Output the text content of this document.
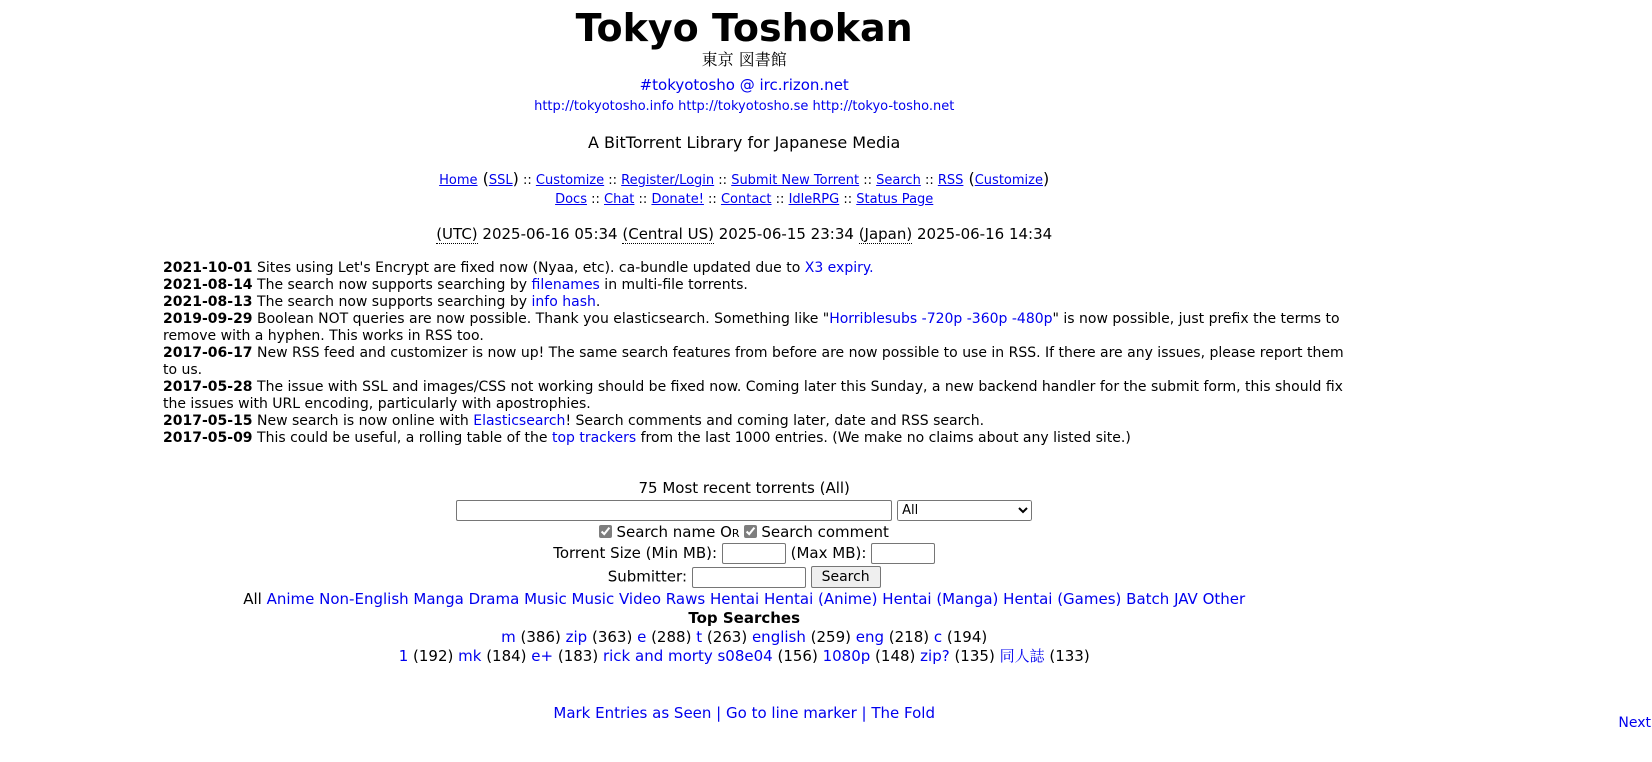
Tokyo Toshokan
東京 図書館
#tokyotosho @ irc.rizon.net
http://tokyotosho.info http://tokyotosho.se http://tokyo-tosho.net
A BitTorrent Library for Japanese Media
Home (SSL) :: Customize :: Register/Login :: Submit New Torrent :: Search :: RSS (Customize)
Docs :: Chat :: Donate! :: Contact :: IdleRPG :: Status Page
(UTC) 2025-06-16 05:34 (Central US) 2025-06-15 23:34 (Japan) 2025-06-16 14:34
2021-10-01 Sites using Let's Encrypt are fixed now (Nyaa, etc). ca-bundle updated due to X3 expiry.
2021-08-14 The search now supports searching by filenames in multi-file torrents.
2021-08-13 The search now supports searching by info hash.
2019-09-29 Boolean NOT queries are now possible. Thank you elasticsearch. Something like "Horriblesubs -720p -360p -480p" is now possible, just prefix the terms to remove with a hyphen. This works in RSS too.
2017-06-17 New RSS feed and customizer is now up! The same search features from before are now possible to use in RSS. If there are any issues, please report them to us.
2017-05-28 The issue with SSL and images/CSS not working should be fixed now. Coming later this Sunday, a new backend handler for the submit form, this should fix the issues with URL encoding, particularly with apostrophies.
2017-05-15 New search is now online with Elasticsearch! Search comments and coming later, date and RSS search.
2017-05-09 This could be useful, a rolling table of the top trackers from the last 1000 entries. (We make no claims about any listed site.)
75 Most recent torrents (All)

All
Search name Or Search comment
Torrent Size (Min MB):	(Max MB):
Submitter:	Search
All Anime Non-English Manga Drama Music Music Video Raws Hentai Hentai (Anime) Hentai (Manga) Hentai (Games) Batch JAV Other
Top Searches
m (386) zip (363) e (288) t (263) english (259) eng (218) c (194)
1 (192) mk (184) e+ (183) rick and morty s08e04 (156) 1080p (148) zip? (135) 同人誌 (133)
Mark Entries as Seen | Go to line marker | The Fold
Next
